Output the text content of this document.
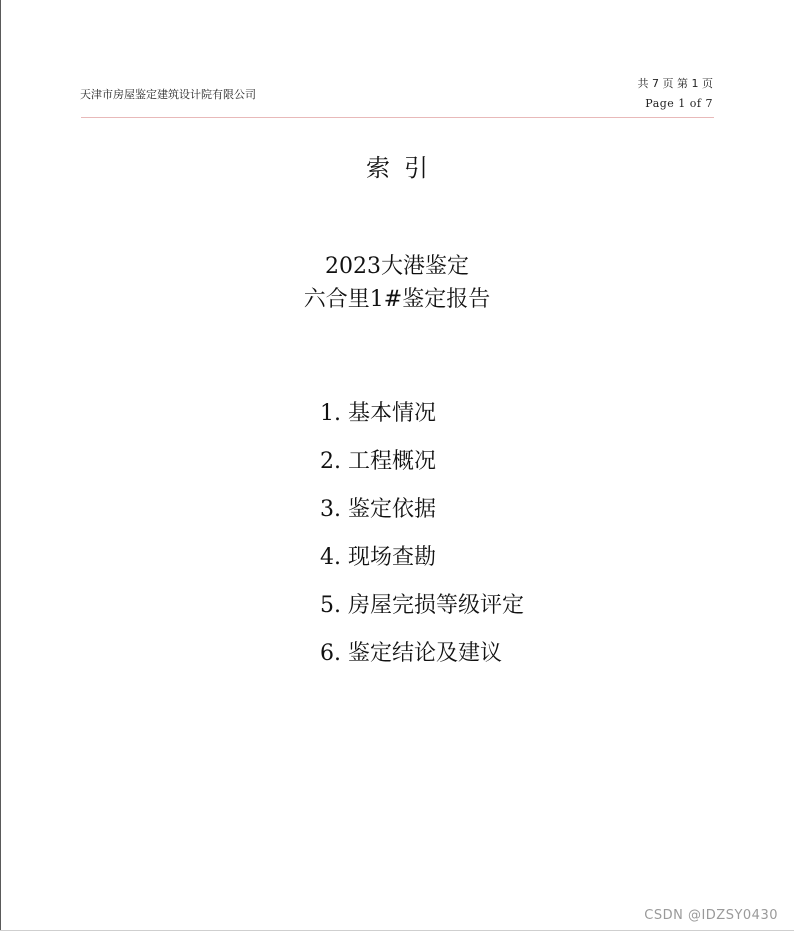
天津市房屋鉴定建筑设计院有限公司
共 7 页 第 1 页
Page 1 of 7
索引
2023大港鉴定
六合里1#鉴定报告
1. 基本情况
2. 工程概况
3. 鉴定依据
4. 现场查勘
5. 房屋完损等级评定
6. 鉴定结论及建议
CSDN @IDZSY0430
